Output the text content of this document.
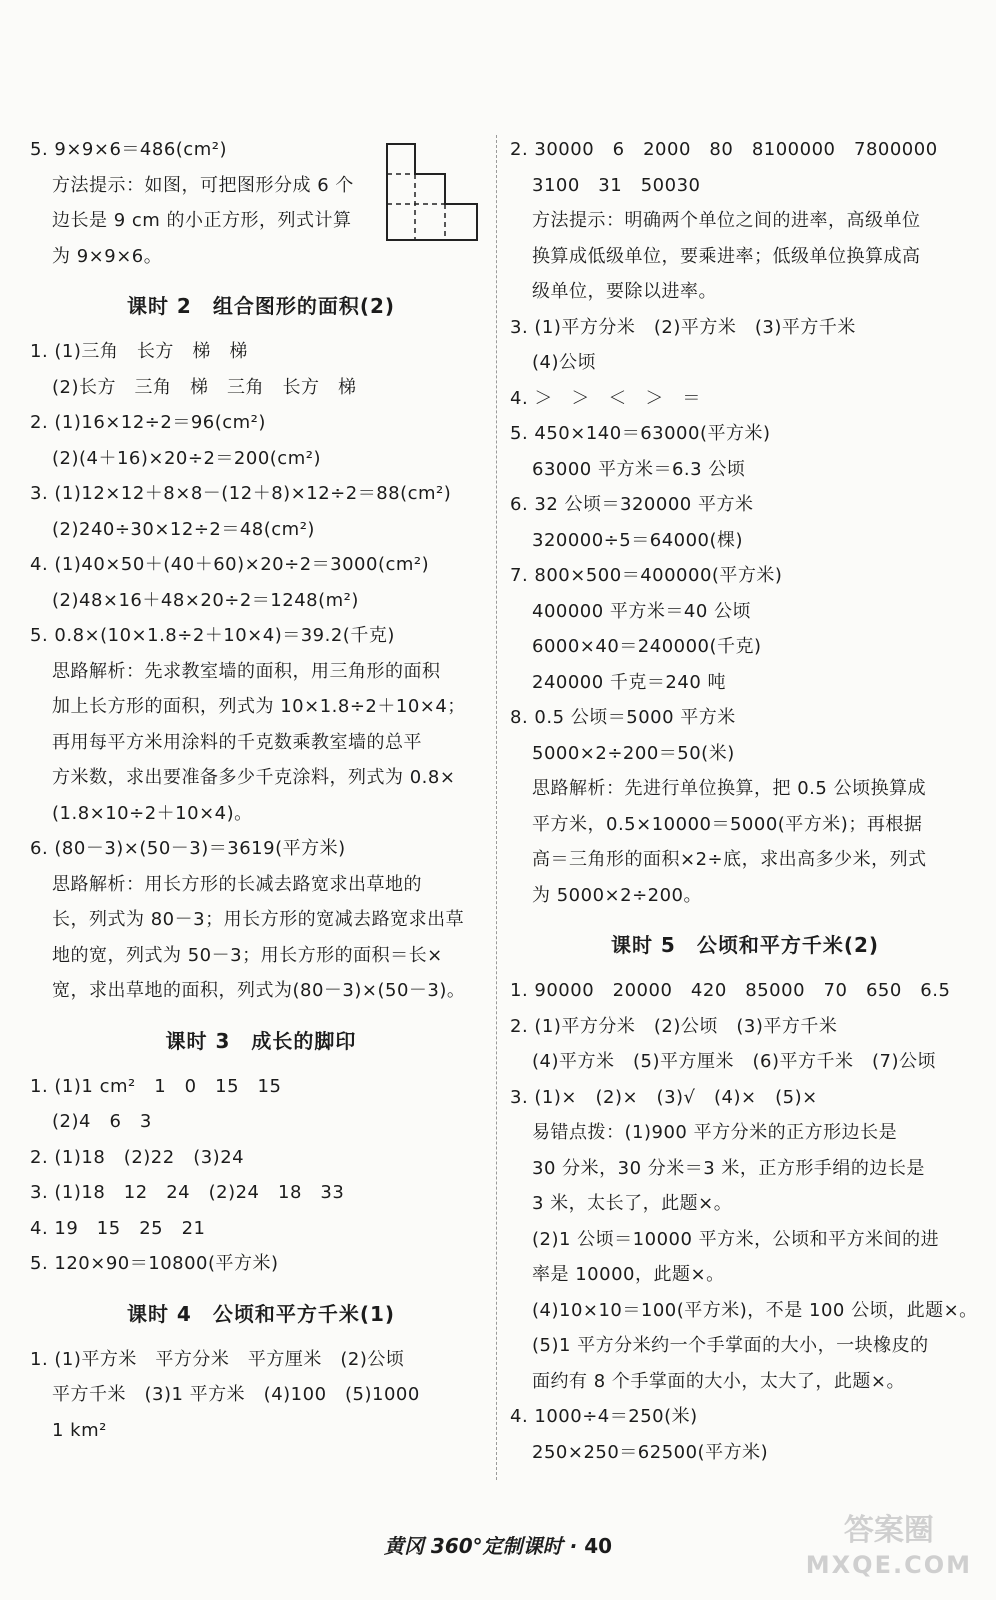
5. 9×9×6＝486(cm²)
方法提示：如图，可把图形分成 6 个
边长是 9 cm 的小正方形，列式计算
为 9×9×6。
课时 2　组合图形的面积(2)
1. (1)三角　长方　梯　梯
(2)长方　三角　梯　三角　长方　梯
2. (1)16×12÷2＝96(cm²)
(2)(4＋16)×20÷2＝200(cm²)
3. (1)12×12＋8×8－(12＋8)×12÷2＝88(cm²)
(2)240÷30×12÷2＝48(cm²)
4. (1)40×50＋(40＋60)×20÷2＝3000(cm²)
(2)48×16＋48×20÷2＝1248(m²)
5. 0.8×(10×1.8÷2＋10×4)＝39.2(千克)
思路解析：先求教室墙的面积，用三角形的面积
加上长方形的面积，列式为 10×1.8÷2＋10×4；
再用每平方米用涂料的千克数乘教室墙的总平
方米数，求出要准备多少千克涂料，列式为 0.8×
(1.8×10÷2＋10×4)。
6. (80－3)×(50－3)＝3619(平方米)
思路解析：用长方形的长减去路宽求出草地的
长，列式为 80－3；用长方形的宽减去路宽求出草
地的宽，列式为 50－3；用长方形的面积＝长×
宽，求出草地的面积，列式为(80－3)×(50－3)。
课时 3　成长的脚印
1. (1)1 cm²　1　0　15　15
(2)4　6　3
2. (1)18　(2)22　(3)24
3. (1)18　12　24　(2)24　18　33
4. 19　15　25　21
5. 120×90＝10800(平方米)
课时 4　公顷和平方千米(1)
1. (1)平方米　平方分米　平方厘米　(2)公顷
平方千米　(3)1 平方米　(4)100　(5)1000
1 km²
2. 30000　6　2000　80　8100000　7800000
3100　31　50030
方法提示：明确两个单位之间的进率，高级单位
换算成低级单位，要乘进率；低级单位换算成高
级单位，要除以进率。
3. (1)平方分米　(2)平方米　(3)平方千米
(4)公顷
4. ＞　＞　＜　＞　＝
5. 450×140＝63000(平方米)
63000 平方米＝6.3 公顷
6. 32 公顷＝320000 平方米
320000÷5＝64000(棵)
7. 800×500＝400000(平方米)
400000 平方米＝40 公顷
6000×40＝240000(千克)
240000 千克＝240 吨
8. 0.5 公顷＝5000 平方米
5000×2÷200＝50(米)
思路解析：先进行单位换算，把 0.5 公顷换算成
平方米，0.5×10000＝5000(平方米)；再根据
高＝三角形的面积×2÷底，求出高多少米，列式
为 5000×2÷200。
课时 5　公顷和平方千米(2)
1. 90000　20000　420　85000　70　650　6.5
2. (1)平方分米　(2)公顷　(3)平方千米
(4)平方米　(5)平方厘米　(6)平方千米　(7)公顷
3. (1)×　(2)×　(3)√　(4)×　(5)×
易错点拨：(1)900 平方分米的正方形边长是
30 分米，30 分米＝3 米，正方形手绢的边长是
3 米，太长了，此题×。
(2)1 公顷＝10000 平方米，公顷和平方米间的进
率是 10000，此题×。
(4)10×10＝100(平方米)，不是 100 公顷，此题×。
(5)1 平方分米约一个手掌面的大小，一块橡皮的
面约有 8 个手掌面的大小，太大了，此题×。
4. 1000÷4＝250(米)
250×250＝62500(平方米)
黄冈 360°定制课时 · 40	答案圈
MXQE.COM
